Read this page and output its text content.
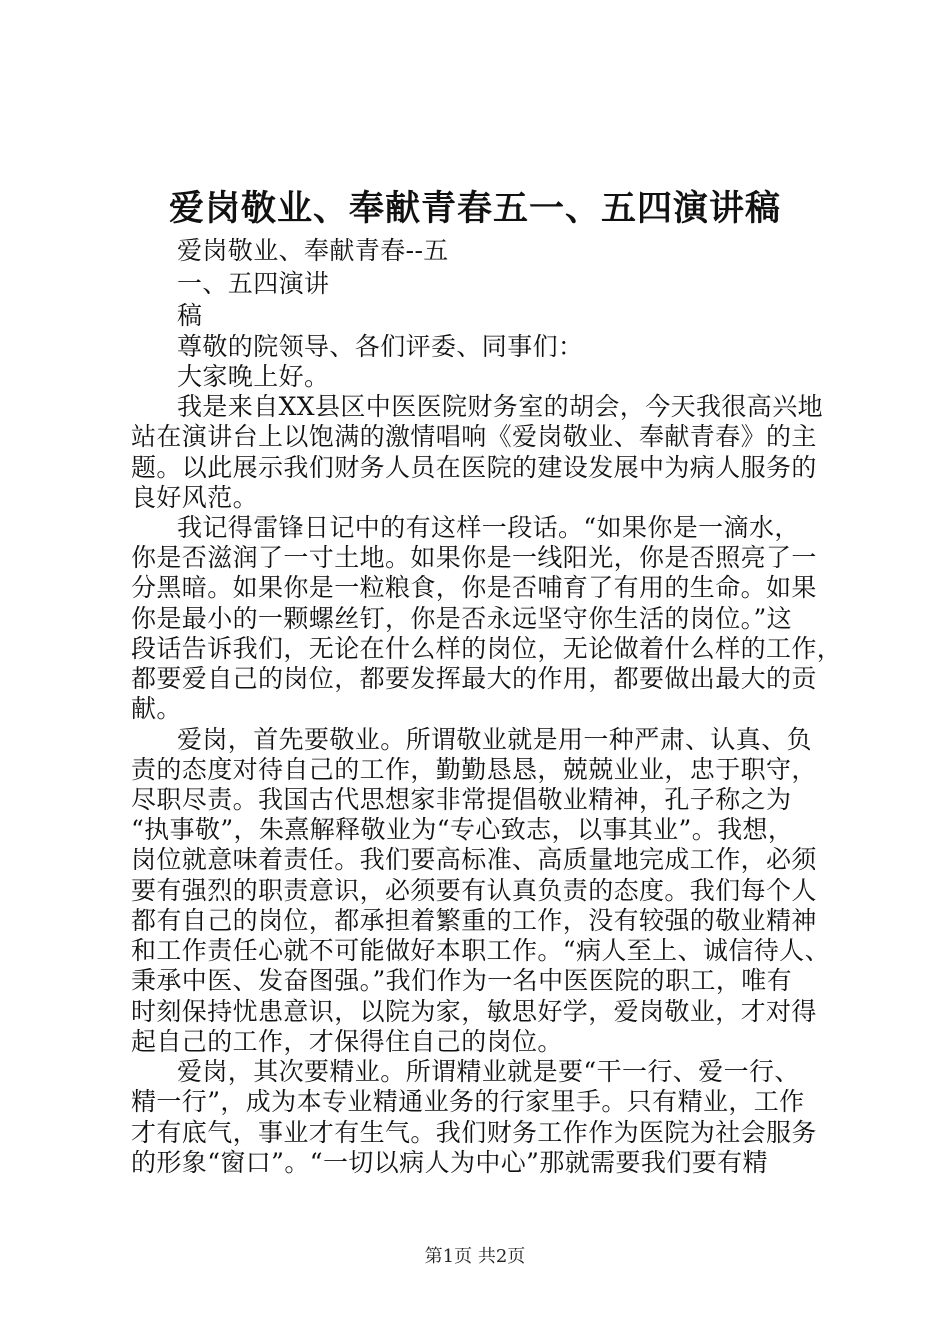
爱岗敬业、奉献青春五一、五四演讲稿
爱岗敬业、奉献青春--五
一、五四演讲
稿
尊敬的院领导、各们评委、同事们：
大家晚上好。
我是来自XX县区中医医院财务室的胡会，今天我很高兴地
站在演讲台上以饱满的激情唱响《爱岗敬业、奉献青春》的主
题。以此展示我们财务人员在医院的建设发展中为病人服务的
良好风范。
我记得雷锋日记中的有这样一段话。“如果你是一滴水，
你是否滋润了一寸土地。如果你是一线阳光，你是否照亮了一
分黑暗。如果你是一粒粮食，你是否哺育了有用的生命。如果
你是最小的一颗螺丝钉，你是否永远坚守你生活的岗位。”这
段话告诉我们，无论在什么样的岗位，无论做着什么样的工作，
都要爱自己的岗位，都要发挥最大的作用，都要做出最大的贡
献。
爱岗，首先要敬业。所谓敬业就是用一种严肃、认真、负
责的态度对待自己的工作，勤勤恳恳，兢兢业业，忠于职守，
尽职尽责。我国古代思想家非常提倡敬业精神，孔子称之为
“执事敬”，朱熹解释敬业为“专心致志，以事其业”。我想，
岗位就意味着责任。我们要高标准、高质量地完成工作，必须
要有强烈的职责意识，必须要有认真负责的态度。我们每个人
都有自己的岗位，都承担着繁重的工作，没有较强的敬业精神
和工作责任心就不可能做好本职工作。“病人至上、诚信待人、
秉承中医、发奋图强。”我们作为一名中医医院的职工，唯有
时刻保持忧患意识，以院为家，敏思好学，爱岗敬业，才对得
起自己的工作，才保得住自己的岗位。
爱岗，其次要精业。所谓精业就是要“干一行、爱一行、
精一行”，成为本专业精通业务的行家里手。只有精业，工作
才有底气，事业才有生气。我们财务工作作为医院为社会服务
的形象“窗口”。“一切以病人为中心”那就需要我们要有精
第1页 共2页
